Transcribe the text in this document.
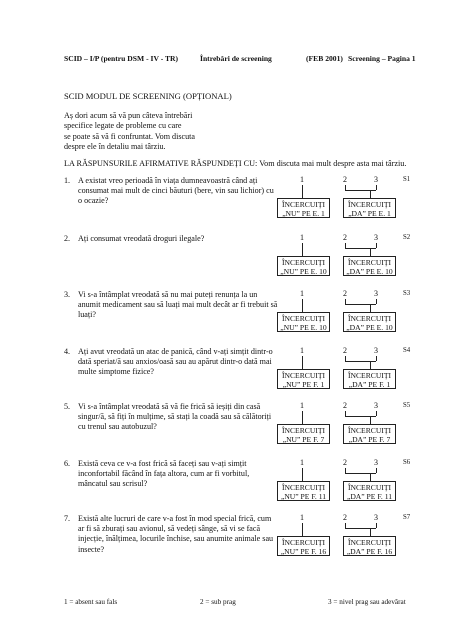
SCID – I/P (pentru DSM - IV - TR)	Întrebări de screening	(FEB 2001) Screening – Pagina 1
SCID MODUL DE SCREENING (OPȚIONAL)
Aș dori acum să vă pun câteva întrebări
specifice legate de probleme cu care
se poate să vă fi confruntat. Vom discuta
despre ele în detaliu mai târziu.
LA RĂSPUNSURILE AFIRMATIVE RĂSPUNDEȚI CU: Vom discuta mai mult despre asta mai târziu.
1. A existat vreo perioadă în viața dumneavoastră când ați
consumat mai mult de cinci băuturi (bere, vin sau lichior) cu
o ocazie?
1	2	3
ÎNCERCUIȚI
„NU” PE E. 1
ÎNCERCUIȚI
„DA” PE E. 1
S1
2. Ați consumat vreodată droguri ilegale?	1	2	3
ÎNCERCUIȚI
„NU” PE E. 10
ÎNCERCUIȚI
„DA” PE E. 10
S2
3. Vi s-a întâmplat vreodată să nu mai puteți renunța la un
anumit medicament sau să luați mai mult decât ar fi trebuit să
luați?
1	2	3
ÎNCERCUIȚI
„NU” PE E. 10
ÎNCERCUIȚI
„DA” PE E. 10
S3
4. Ați avut vreodată un atac de panică, când v-ați simțit dintr-o
dată speriat/ă sau anxios/oasă sau au apărut dintr-o dată mai
multe simptome fizice?
1	2	3
ÎNCERCUIȚI
„NU” PE F. 1
ÎNCERCUIȚI
„DA” PE F. 1
S4
5. Vi s-a întâmplat vreodată să vă fie frică să ieșiți din casă
singur/ă, să fiți în mulțime, să stați la coadă sau să călătoriți
cu trenul sau autobuzul?
1	2	3
ÎNCERCUIȚI
„NU” PE F. 7
ÎNCERCUIȚI
„DA” PE F. 7
S5
6. Există ceva ce v-a fost frică să faceți sau v-ați simțit
inconfortabil făcând în fața altora, cum ar fi vorbitul,
mâncatul sau scrisul?
1	2	3
ÎNCERCUIȚI
„NU” PE F. 11
ÎNCERCUIȚI
„DA” PE F. 11
S6
7. Există alte lucruri de care v-a fost în mod special frică, cum
ar fi să zburați sau avionul, să vedeți sânge, să vi se facă
injecție, înălțimea, locurile închise, sau anumite animale sau
insecte?
1	2	3
ÎNCERCUIȚI
„NU” PE F. 16
ÎNCERCUIȚI
„DA” PE F. 16
S7
1 = absent sau fals	2 = sub prag	3 = nivel prag sau adevărat
